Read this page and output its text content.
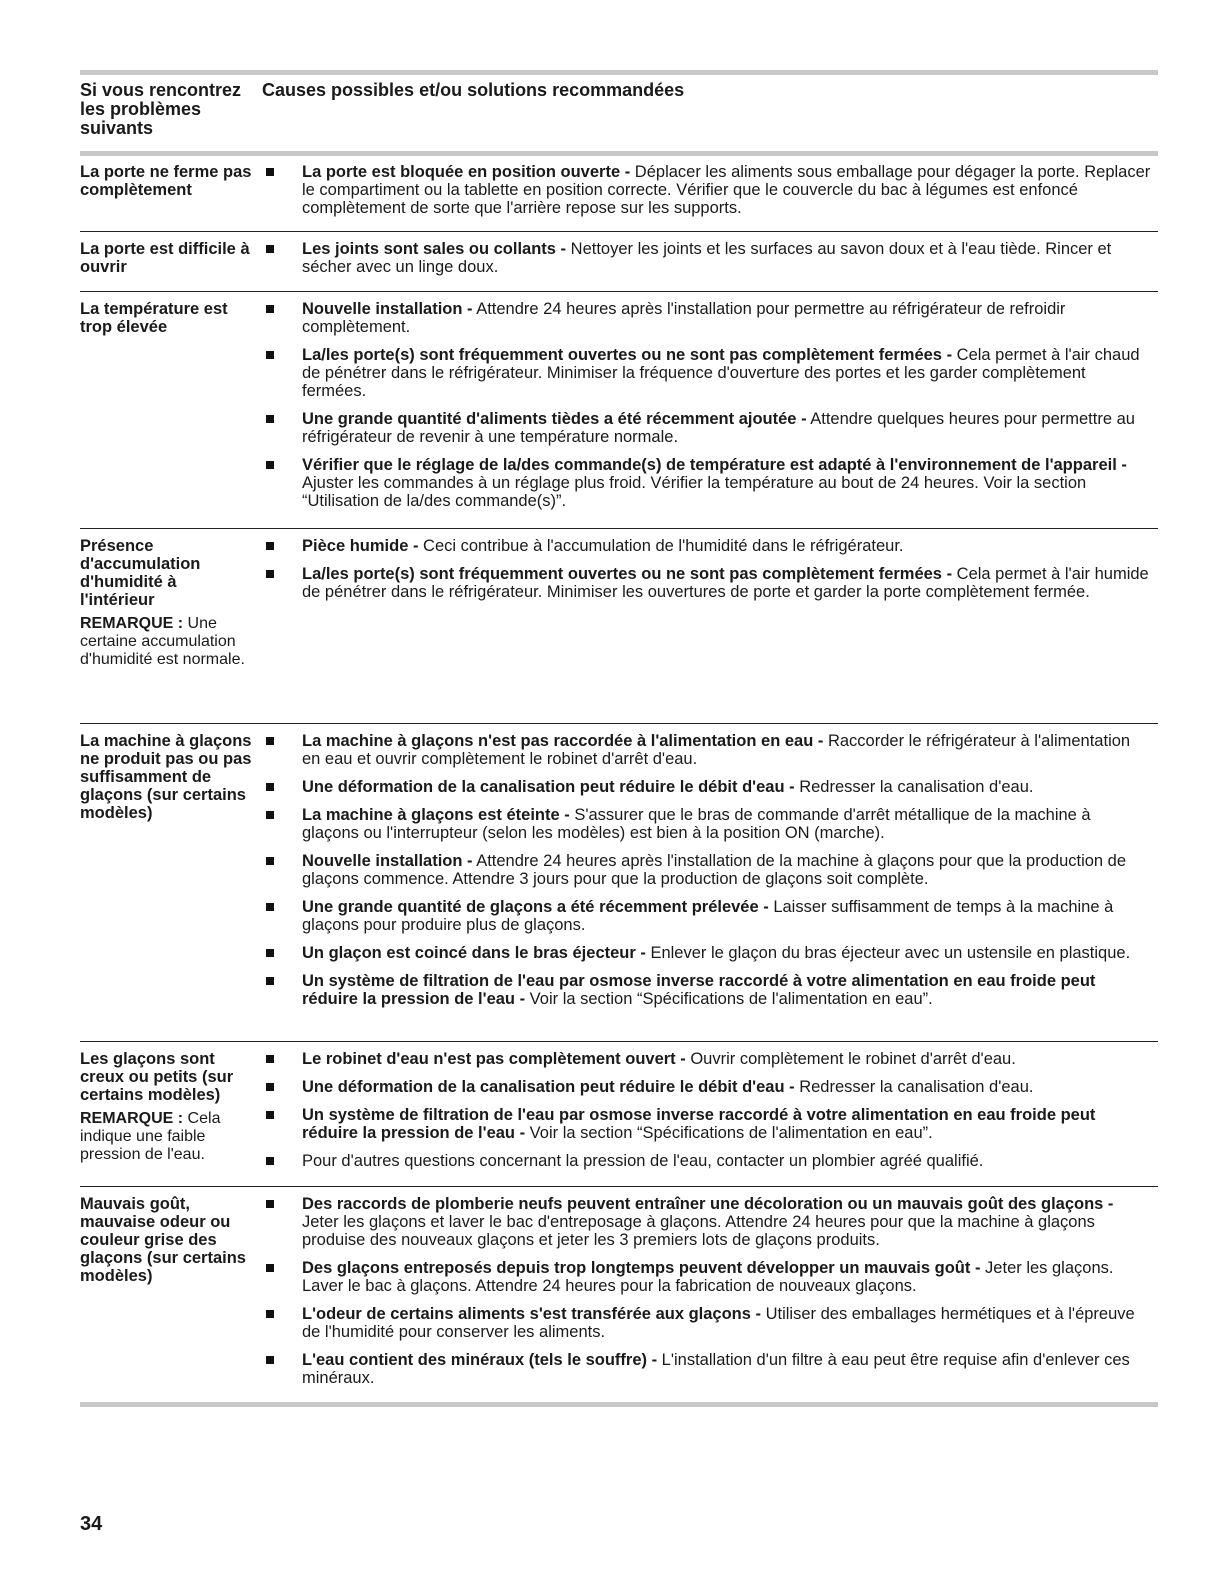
Si vous rencontrez les problèmes suivants
Causes possibles et/ou solutions recommandées
La porte ne ferme pas complètement
La porte est bloquée en position ouverte - Déplacer les aliments sous emballage pour dégager la porte. Replacer le compartiment ou la tablette en position correcte. Vérifier que le couvercle du bac à légumes est enfoncé complètement de sorte que l'arrière repose sur les supports.
La porte est difficile à ouvrir
Les joints sont sales ou collants - Nettoyer les joints et les surfaces au savon doux et à l'eau tiède. Rincer et sécher avec un linge doux.
La température est trop élevée
Nouvelle installation - Attendre 24 heures après l'installation pour permettre au réfrigérateur de refroidir complètement.
La/les porte(s) sont fréquemment ouvertes ou ne sont pas complètement fermées - Cela permet à l'air chaud de pénétrer dans le réfrigérateur. Minimiser la fréquence d'ouverture des portes et les garder complètement fermées.
Une grande quantité d'aliments tièdes a été récemment ajoutée - Attendre quelques heures pour permettre au réfrigérateur de revenir à une température normale.
Vérifier que le réglage de la/des commande(s) de température est adapté à l'environnement de l'appareil - Ajuster les commandes à un réglage plus froid. Vérifier la température au bout de 24 heures. Voir la section “Utilisation de la/des commande(s)”.
Présence d'accumulation d'humidité à l'intérieur
REMARQUE : Une certaine accumulation d'humidité est normale.
Pièce humide - Ceci contribue à l'accumulation de l'humidité dans le réfrigérateur.
La/les porte(s) sont fréquemment ouvertes ou ne sont pas complètement fermées - Cela permet à l'air humide de pénétrer dans le réfrigérateur. Minimiser les ouvertures de porte et garder la porte complètement fermée.
La machine à glaçons ne produit pas ou pas suffisamment de glaçons (sur certains modèles)
La machine à glaçons n'est pas raccordée à l'alimentation en eau - Raccorder le réfrigérateur à l'alimentation en eau et ouvrir complètement le robinet d'arrêt d'eau.
Une déformation de la canalisation peut réduire le débit d'eau - Redresser la canalisation d'eau.
La machine à glaçons est éteinte - S'assurer que le bras de commande d'arrêt métallique de la machine à glaçons ou l'interrupteur (selon les modèles) est bien à la position ON (marche).
Nouvelle installation - Attendre 24 heures après l'installation de la machine à glaçons pour que la production de glaçons commence. Attendre 3 jours pour que la production de glaçons soit complète.
Une grande quantité de glaçons a été récemment prélevée - Laisser suffisamment de temps à la machine à glaçons pour produire plus de glaçons.
Un glaçon est coincé dans le bras éjecteur - Enlever le glaçon du bras éjecteur avec un ustensile en plastique.
Un système de filtration de l'eau par osmose inverse raccordé à votre alimentation en eau froide peut réduire la pression de l'eau - Voir la section “Spécifications de l'alimentation en eau”.
Les glaçons sont creux ou petits (sur certains modèles)
REMARQUE : Cela indique une faible pression de l'eau.
Le robinet d'eau n'est pas complètement ouvert - Ouvrir complètement le robinet d'arrêt d'eau.
Une déformation de la canalisation peut réduire le débit d'eau - Redresser la canalisation d'eau.
Un système de filtration de l'eau par osmose inverse raccordé à votre alimentation en eau froide peut réduire la pression de l'eau - Voir la section “Spécifications de l'alimentation en eau”.
Pour d'autres questions concernant la pression de l'eau, contacter un plombier agréé qualifié.
Mauvais goût, mauvaise odeur ou couleur grise des glaçons (sur certains modèles)
Des raccords de plomberie neufs peuvent entraîner une décoloration ou un mauvais goût des glaçons - Jeter les glaçons et laver le bac d'entreposage à glaçons. Attendre 24 heures pour que la machine à glaçons produise des nouveaux glaçons et jeter les 3 premiers lots de glaçons produits.
Des glaçons entreposés depuis trop longtemps peuvent développer un mauvais goût - Jeter les glaçons. Laver le bac à glaçons. Attendre 24 heures pour la fabrication de nouveaux glaçons.
L'odeur de certains aliments s'est transférée aux glaçons - Utiliser des emballages hermétiques et à l'épreuve de l'humidité pour conserver les aliments.
L'eau contient des minéraux (tels le souffre) - L'installation d'un filtre à eau peut être requise afin d'enlever ces minéraux.
34
